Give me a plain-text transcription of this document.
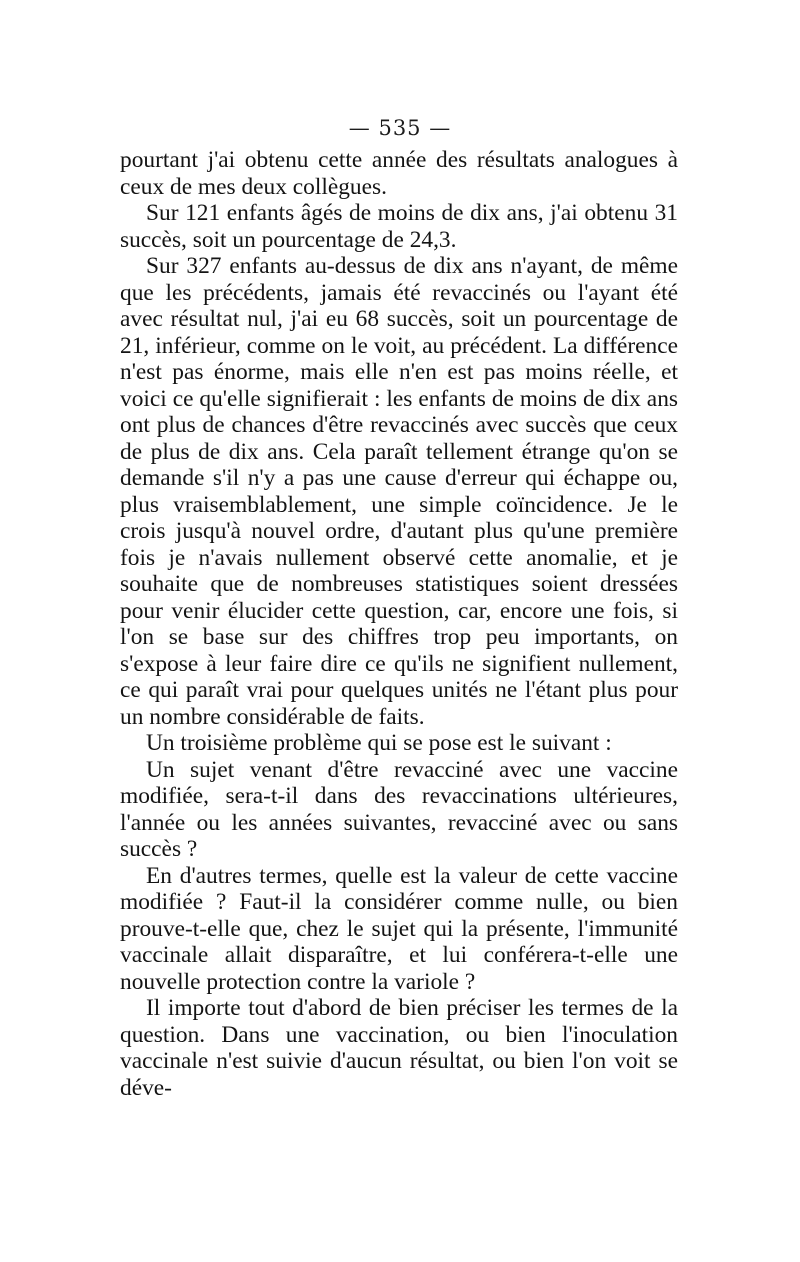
— 535 —

pourtant j'ai obtenu cette année des résultats analogues à ceux de mes deux collègues.

Sur 121 enfants âgés de moins de dix ans, j'ai obtenu 31 succès, soit un pourcentage de 24,3.

Sur 327 enfants au-dessus de dix ans n'ayant, de même que les précédents, jamais été revaccinés ou l'ayant été avec résultat nul, j'ai eu 68 succès, soit un pourcentage de 21, inférieur, comme on le voit, au précédent. La différence n'est pas énorme, mais elle n'en est pas moins réelle, et voici ce qu'elle signifierait : les enfants de moins de dix ans ont plus de chances d'être revaccinés avec succès que ceux de plus de dix ans. Cela paraît tellement étrange qu'on se demande s'il n'y a pas une cause d'erreur qui échappe ou, plus vraisemblablement, une simple coïncidence. Je le crois jusqu'à nouvel ordre, d'autant plus qu'une première fois je n'avais nullement observé cette anomalie, et je souhaite que de nombreuses statistiques soient dressées pour venir élucider cette question, car, encore une fois, si l'on se base sur des chiffres trop peu importants, on s'expose à leur faire dire ce qu'ils ne signifient nullement, ce qui paraît vrai pour quelques unités ne l'étant plus pour un nombre considérable de faits.

Un troisième problème qui se pose est le suivant :

Un sujet venant d'être revacciné avec une vaccine modifiée, sera-t-il dans des revaccinations ultérieures, l'année ou les années suivantes, revacciné avec ou sans succès ?

En d'autres termes, quelle est la valeur de cette vaccine modifiée ? Faut-il la considérer comme nulle, ou bien prouve-t-elle que, chez le sujet qui la présente, l'immunité vaccinale allait disparaître, et lui conférera-t-elle une nouvelle protection contre la variole ?

Il importe tout d'abord de bien préciser les termes de la question. Dans une vaccination, ou bien l'inoculation vaccinale n'est suivie d'aucun résultat, ou bien l'on voit se déve-
